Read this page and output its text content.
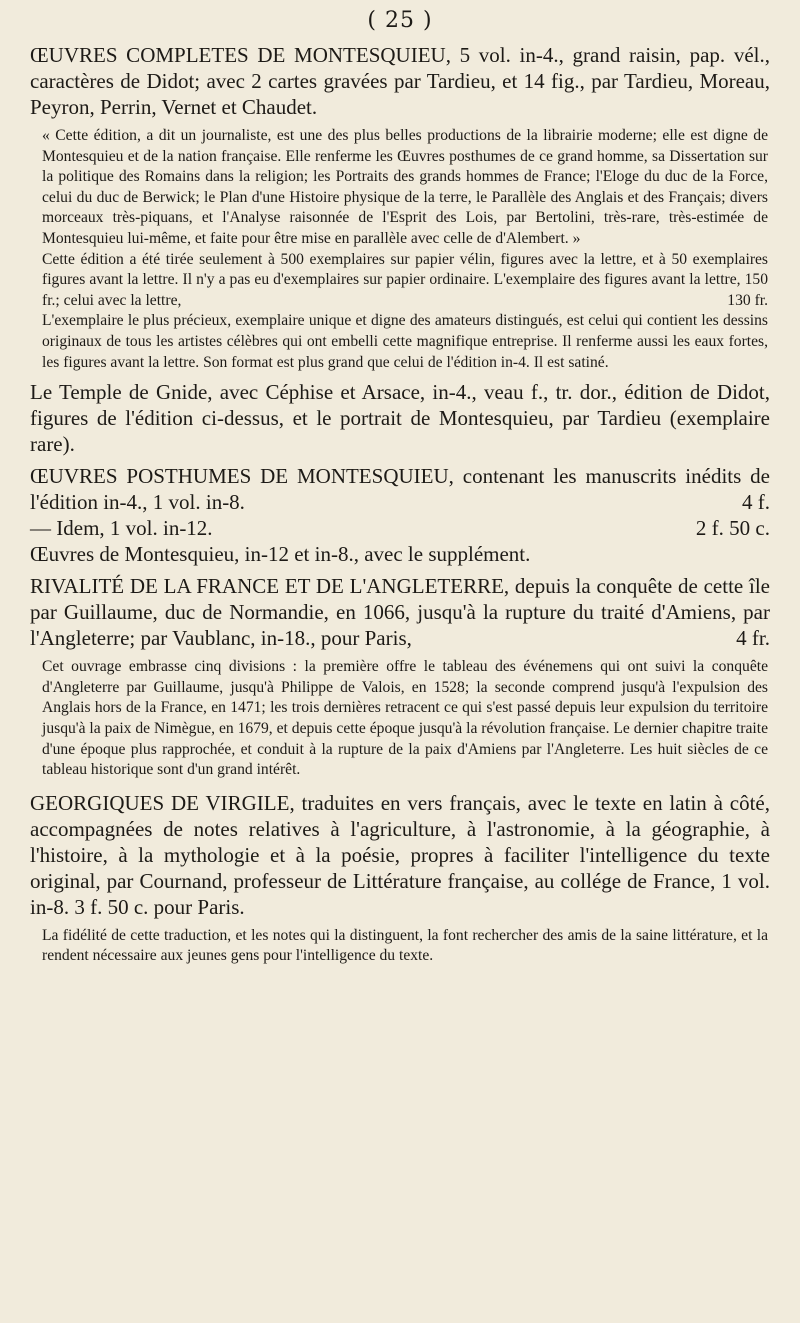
( 25 )

ŒUVRES COMPLETES DE MONTESQUIEU, 5 vol. in-4., grand raisin, pap. vél., caractères de Didot; avec 2 cartes gravées par Tardieu, et 14 fig., par Tardieu, Moreau, Peyron, Perrin, Vernet et Chaudet.

« Cette édition, a dit un journaliste, est une des plus belles productions de la librairie moderne; elle est digne de Montesquieu et de la nation française. Elle renferme les Œuvres posthumes de ce grand homme, sa Dissertation sur la politique des Romains dans la religion; les Portraits des grands hommes de France; l'Eloge du duc de la Force, celui du duc de Berwick; le Plan d'une Histoire physique de la terre, le Parallèle des Anglais et des Français; divers morceaux très-piquans, et l'Analyse raisonnée de l'Esprit des Lois, par Bertolini, très-rare, très-estimée de Montesquieu lui-même, et faite pour être mise en parallèle avec celle de d'Alembert. »

Cette édition a été tirée seulement à 500 exemplaires sur papier vélin, figures avec la lettre, et à 50 exemplaires figures avant la lettre. Il n'y a pas eu d'exemplaires sur papier ordinaire. L'exemplaire des figures avant la lettre, 150 fr.; celui avec la lettre,	130 fr.

L'exemplaire le plus précieux, exemplaire unique et digne des amateurs distingués, est celui qui contient les dessins originaux de tous les artistes célèbres qui ont embelli cette magnifique entreprise. Il renferme aussi les eaux fortes, les figures avant la lettre. Son format est plus grand que celui de l'édition in-4. Il est satiné.

Le Temple de Gnide, avec Céphise et Arsace, in-4., veau f., tr. dor., édition de Didot, figures de l'édition ci-dessus, et le portrait de Montesquieu, par Tardieu (exemplaire rare).

ŒUVRES POSTHUMES DE MONTESQUIEU, contenant les manuscrits inédits de l'édition in-4., 1 vol. in-8.	4 f.

— Idem, 1 vol. in-12.	2 f. 50 c.

Œuvres de Montesquieu, in-12 et in-8., avec le supplément.

RIVALITÉ DE LA FRANCE ET DE L'ANGLETERRE, depuis la conquête de cette île par Guillaume, duc de Normandie, en 1066, jusqu'à la rupture du traité d'Amiens, par l'Angleterre; par Vaublanc, in-18., pour Paris,	4 fr.

Cet ouvrage embrasse cinq divisions : la première offre le tableau des événemens qui ont suivi la conquête d'Angleterre par Guillaume, jusqu'à Philippe de Valois, en 1528; la seconde comprend jusqu'à l'expulsion des Anglais hors de la France, en 1471; les trois dernières retracent ce qui s'est passé depuis leur expulsion du territoire jusqu'à la paix de Nimègue, en 1679, et depuis cette époque jusqu'à la révolution française. Le dernier chapitre traite d'une époque plus rapprochée, et conduit à la rupture de la paix d'Amiens par l'Angleterre. Les huit siècles de ce tableau historique sont d'un grand intérêt.

GEORGIQUES DE VIRGILE, traduites en vers français, avec le texte en latin à côté, accompagnées de notes relatives à l'agriculture, à l'astronomie, à la géographie, à l'histoire, à la mythologie et à la poésie, propres à faciliter l'intelligence du texte original, par Cournand, professeur de Littérature française, au collége de France, 1 vol. in-8. 3 f. 50 c. pour Paris.

La fidélité de cette traduction, et les notes qui la distinguent, la font rechercher des amis de la saine littérature, et la rendent nécessaire aux jeunes gens pour l'intelligence du texte.
